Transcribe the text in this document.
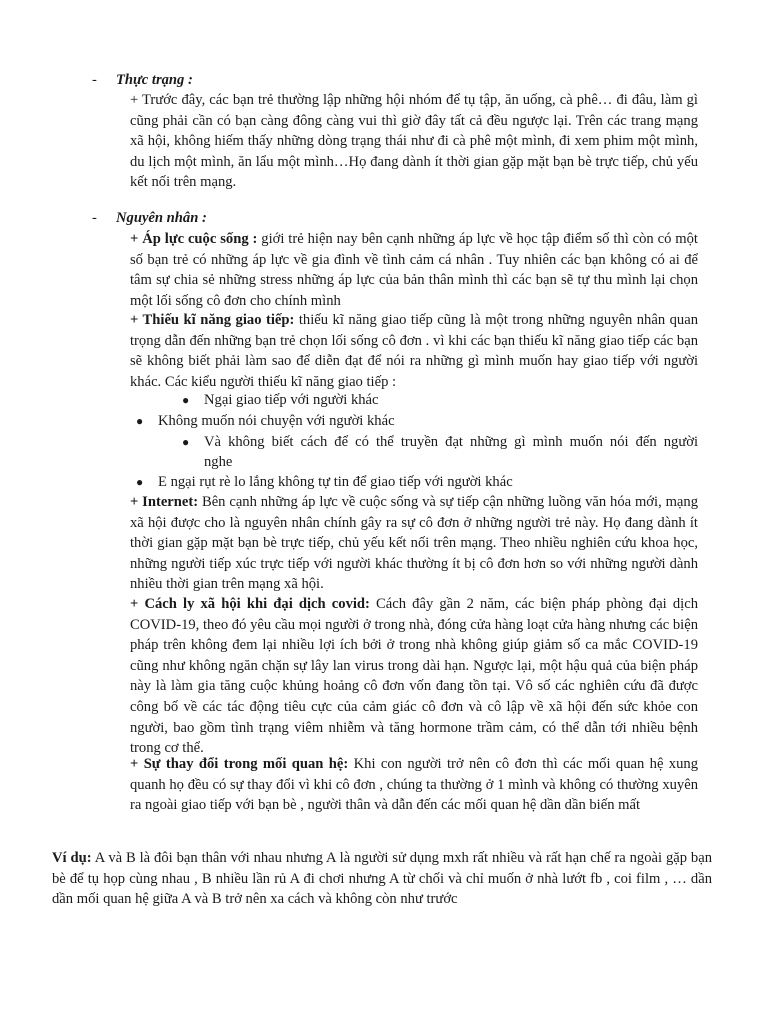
- Thực trạng :
+ Trước đây, các bạn trẻ thường lập những hội nhóm để tụ tập, ăn uống, cà phê… đi đâu, làm gì cũng phải cần có bạn càng đông càng vui thì giờ đây tất cả đều ngược lại. Trên các trang mạng xã hội, không hiếm thấy những dòng trạng thái như đi cà phê một mình, đi xem phim một mình, du lịch một mình, ăn lẩu một mình…Họ đang dành ít thời gian gặp mặt bạn bè trực tiếp, chủ yếu kết nối trên mạng.
- Nguyên nhân :
+ Áp lực cuộc sống : giới trẻ hiện nay bên cạnh những áp lực về học tập điểm số thì còn có một số bạn trẻ có những áp lực về gia đình về tình cảm cá nhân . Tuy nhiên các bạn không có ai để tâm sự chia sẻ những stress những áp lực của bản thân mình thì các bạn sẽ tự thu mình lại chọn một lối sống cô đơn cho chính mình
+ Thiếu kĩ năng giao tiếp: thiếu kĩ năng giao tiếp cũng là một trong những nguyên nhân quan trọng dẫn đến những bạn trẻ chọn lối sống cô đơn . vì khi các bạn thiếu kĩ năng giao tiếp các bạn sẽ không biết phải làm sao để diễn đạt để nói ra những gì mình muốn hay giao tiếp với người khác. Các kiểu người thiếu kĩ năng giao tiếp :
● Ngại giao tiếp với người khác
● Không muốn nói chuyện với người khác
● Và không biết cách để có thể truyền đạt những gì mình muốn nói đến người
nghe
● E ngại rụt rè lo lắng không tự tin để giao tiếp với người khác
+ Internet: Bên cạnh những áp lực về cuộc sống và sự tiếp cận những luồng văn hóa mới, mạng xã hội được cho là nguyên nhân chính gây ra sự cô đơn ở những người trẻ này. Họ đang dành ít thời gian gặp mặt bạn bè trực tiếp, chủ yếu kết nối trên mạng. Theo nhiều nghiên cứu khoa học, những người tiếp xúc trực tiếp với người khác thường ít bị cô đơn hơn so với những người dành nhiều thời gian trên mạng xã hội.
+ Cách ly xã hội khi đại dịch covid: Cách đây gần 2 năm, các biện pháp phòng đại dịch COVID-19, theo đó yêu cầu mọi người ở trong nhà, đóng cửa hàng loạt cửa hàng nhưng các biện pháp trên không đem lại nhiều lợi ích bởi ở trong nhà không giúp giảm số ca mắc COVID-19 cũng như không ngăn chặn sự lây lan virus trong dài hạn. Ngược lại, một hậu quả của biện pháp này là làm gia tăng cuộc khủng hoảng cô đơn vốn đang tồn tại. Vô số các nghiên cứu đã được công bố về các tác động tiêu cực của cảm giác cô đơn và cô lập về xã hội đến sức khỏe con người, bao gồm tình trạng viêm nhiễm và tăng hormone trầm cảm, có thể dẫn tới nhiều bệnh trong cơ thể.
+ Sự thay đổi trong mối quan hệ: Khi con người trở nên cô đơn thì các mối quan hệ xung quanh họ đều có sự thay đổi vì khi cô đơn , chúng ta thường ở 1 mình và không có thường xuyên ra ngoài giao tiếp với bạn bè , người thân và dẫn đến các mối quan hệ dần dần biến mất
Ví dụ: A và B là đôi bạn thân với nhau nhưng A là người sử dụng mxh rất nhiều và rất hạn chế ra ngoài gặp bạn bè để tụ họp cùng nhau , B nhiều lần rủ A đi chơi nhưng A từ chối và chỉ muốn ở nhà lướt fb , coi film , … dần dần mối quan hệ giữa A và B trở nên xa cách và không còn như trước
